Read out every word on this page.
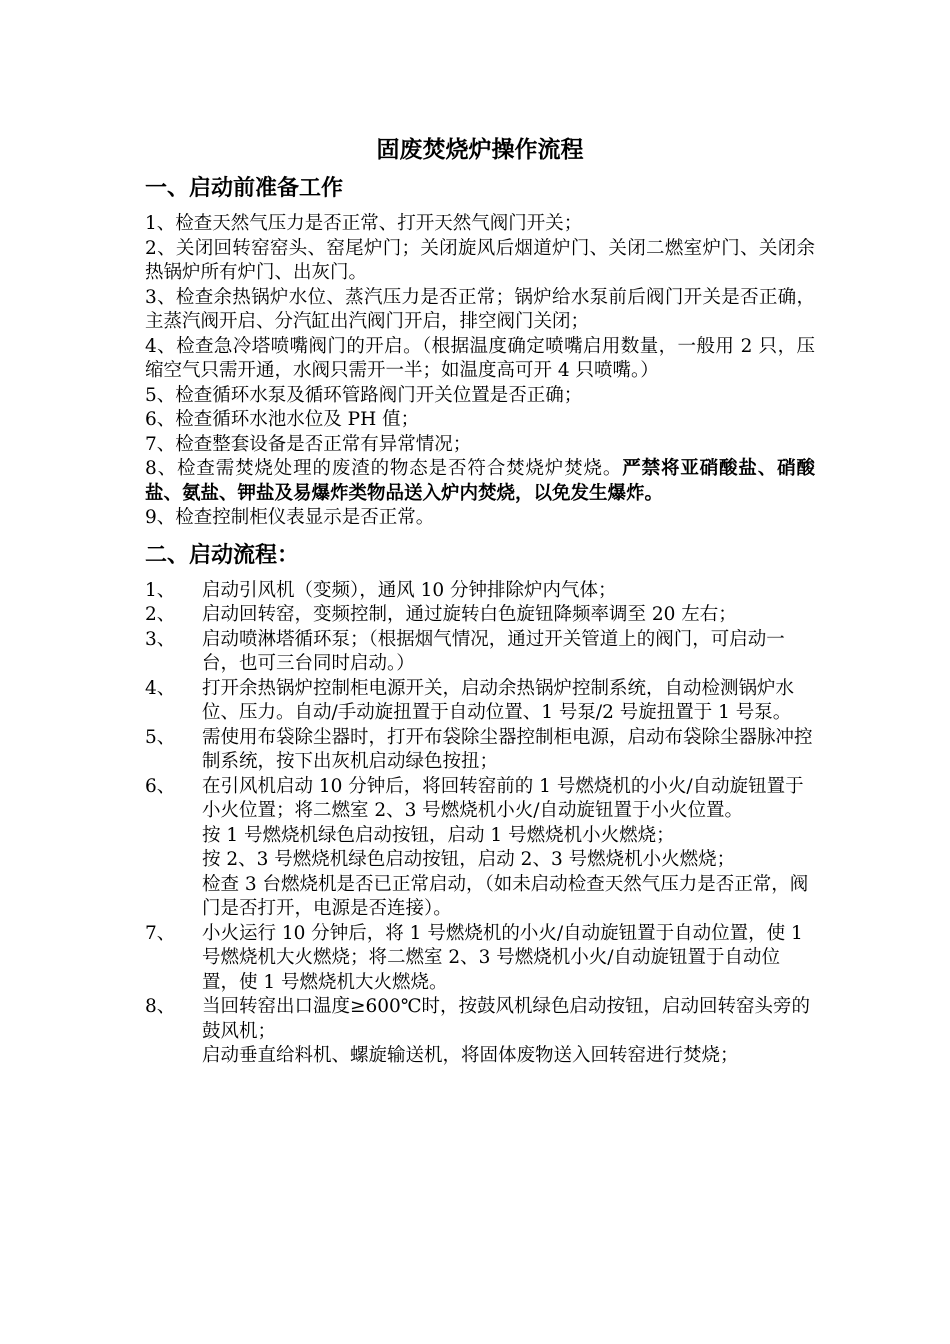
固废焚烧炉操作流程
一、启动前准备工作

1、检查天然气压力是否正常、打开天然气阀门开关；

2、关闭回转窑窑头、窑尾炉门；关闭旋风后烟道炉门、关闭二燃室炉门、关闭余热锅炉所有炉门、出灰门。

3、检查余热锅炉水位、蒸汽压力是否正常；锅炉给水泵前后阀门开关是否正确，主蒸汽阀开启、分汽缸出汽阀门开启，排空阀门关闭；

4、检查急冷塔喷嘴阀门的开启。（根据温度确定喷嘴启用数量，一般用 2 只，压缩空气只需开通，水阀只需开一半；如温度高可开 4 只喷嘴。）

5、检查循环水泵及循环管路阀门开关位置是否正确；

6、检查循环水池水位及 PH 值；

7、检查整套设备是否正常有异常情况；

8、检查需焚烧处理的废渣的物态是否符合焚烧炉焚烧。严禁将亚硝酸盐、硝酸盐、氨盐、钾盐及易爆炸类物品送入炉内焚烧，以免发生爆炸。

9、检查控制柜仪表显示是否正常。

二、启动流程：
1、 启动引风机（变频），通风 10 分钟排除炉内气体；
2、 启动回转窑，变频控制，通过旋转白色旋钮降频率调至 20 左右；
3、 启动喷淋塔循环泵；（根据烟气情况，通过开关管道上的阀门，可启动一台，也可三台同时启动。）
4、 打开余热锅炉控制柜电源开关，启动余热锅炉控制系统，自动检测锅炉水位、压力。自动/手动旋扭置于自动位置、1 号泵/2 号旋扭置于 1 号泵。
5、 需使用布袋除尘器时，打开布袋除尘器控制柜电源，启动布袋除尘器脉冲控制系统，按下出灰机启动绿色按扭；
6、 在引风机启动 10 分钟后，将回转窑前的 1 号燃烧机的小火/自动旋钮置于小火位置；将二燃室 2、3 号燃烧机小火/自动旋钮置于小火位置。
按 1 号燃烧机绿色启动按钮，启动 1 号燃烧机小火燃烧；
按 2、3 号燃烧机绿色启动按钮，启动 2、3 号燃烧机小火燃烧；
检查 3 台燃烧机是否已正常启动，（如未启动检查天然气压力是否正常，阀门是否打开，电源是否连接）。
7、 小火运行 10 分钟后，将 1 号燃烧机的小火/自动旋钮置于自动位置，使 1 号燃烧机大火燃烧；将二燃室 2、3 号燃烧机小火/自动旋钮置于自动位置，使 1 号燃烧机大火燃烧。
8、 当回转窑出口温度≥600℃时，按鼓风机绿色启动按钮，启动回转窑头旁的鼓风机；

启动垂直给料机、螺旋输送机，将固体废物送入回转窑进行焚烧；
